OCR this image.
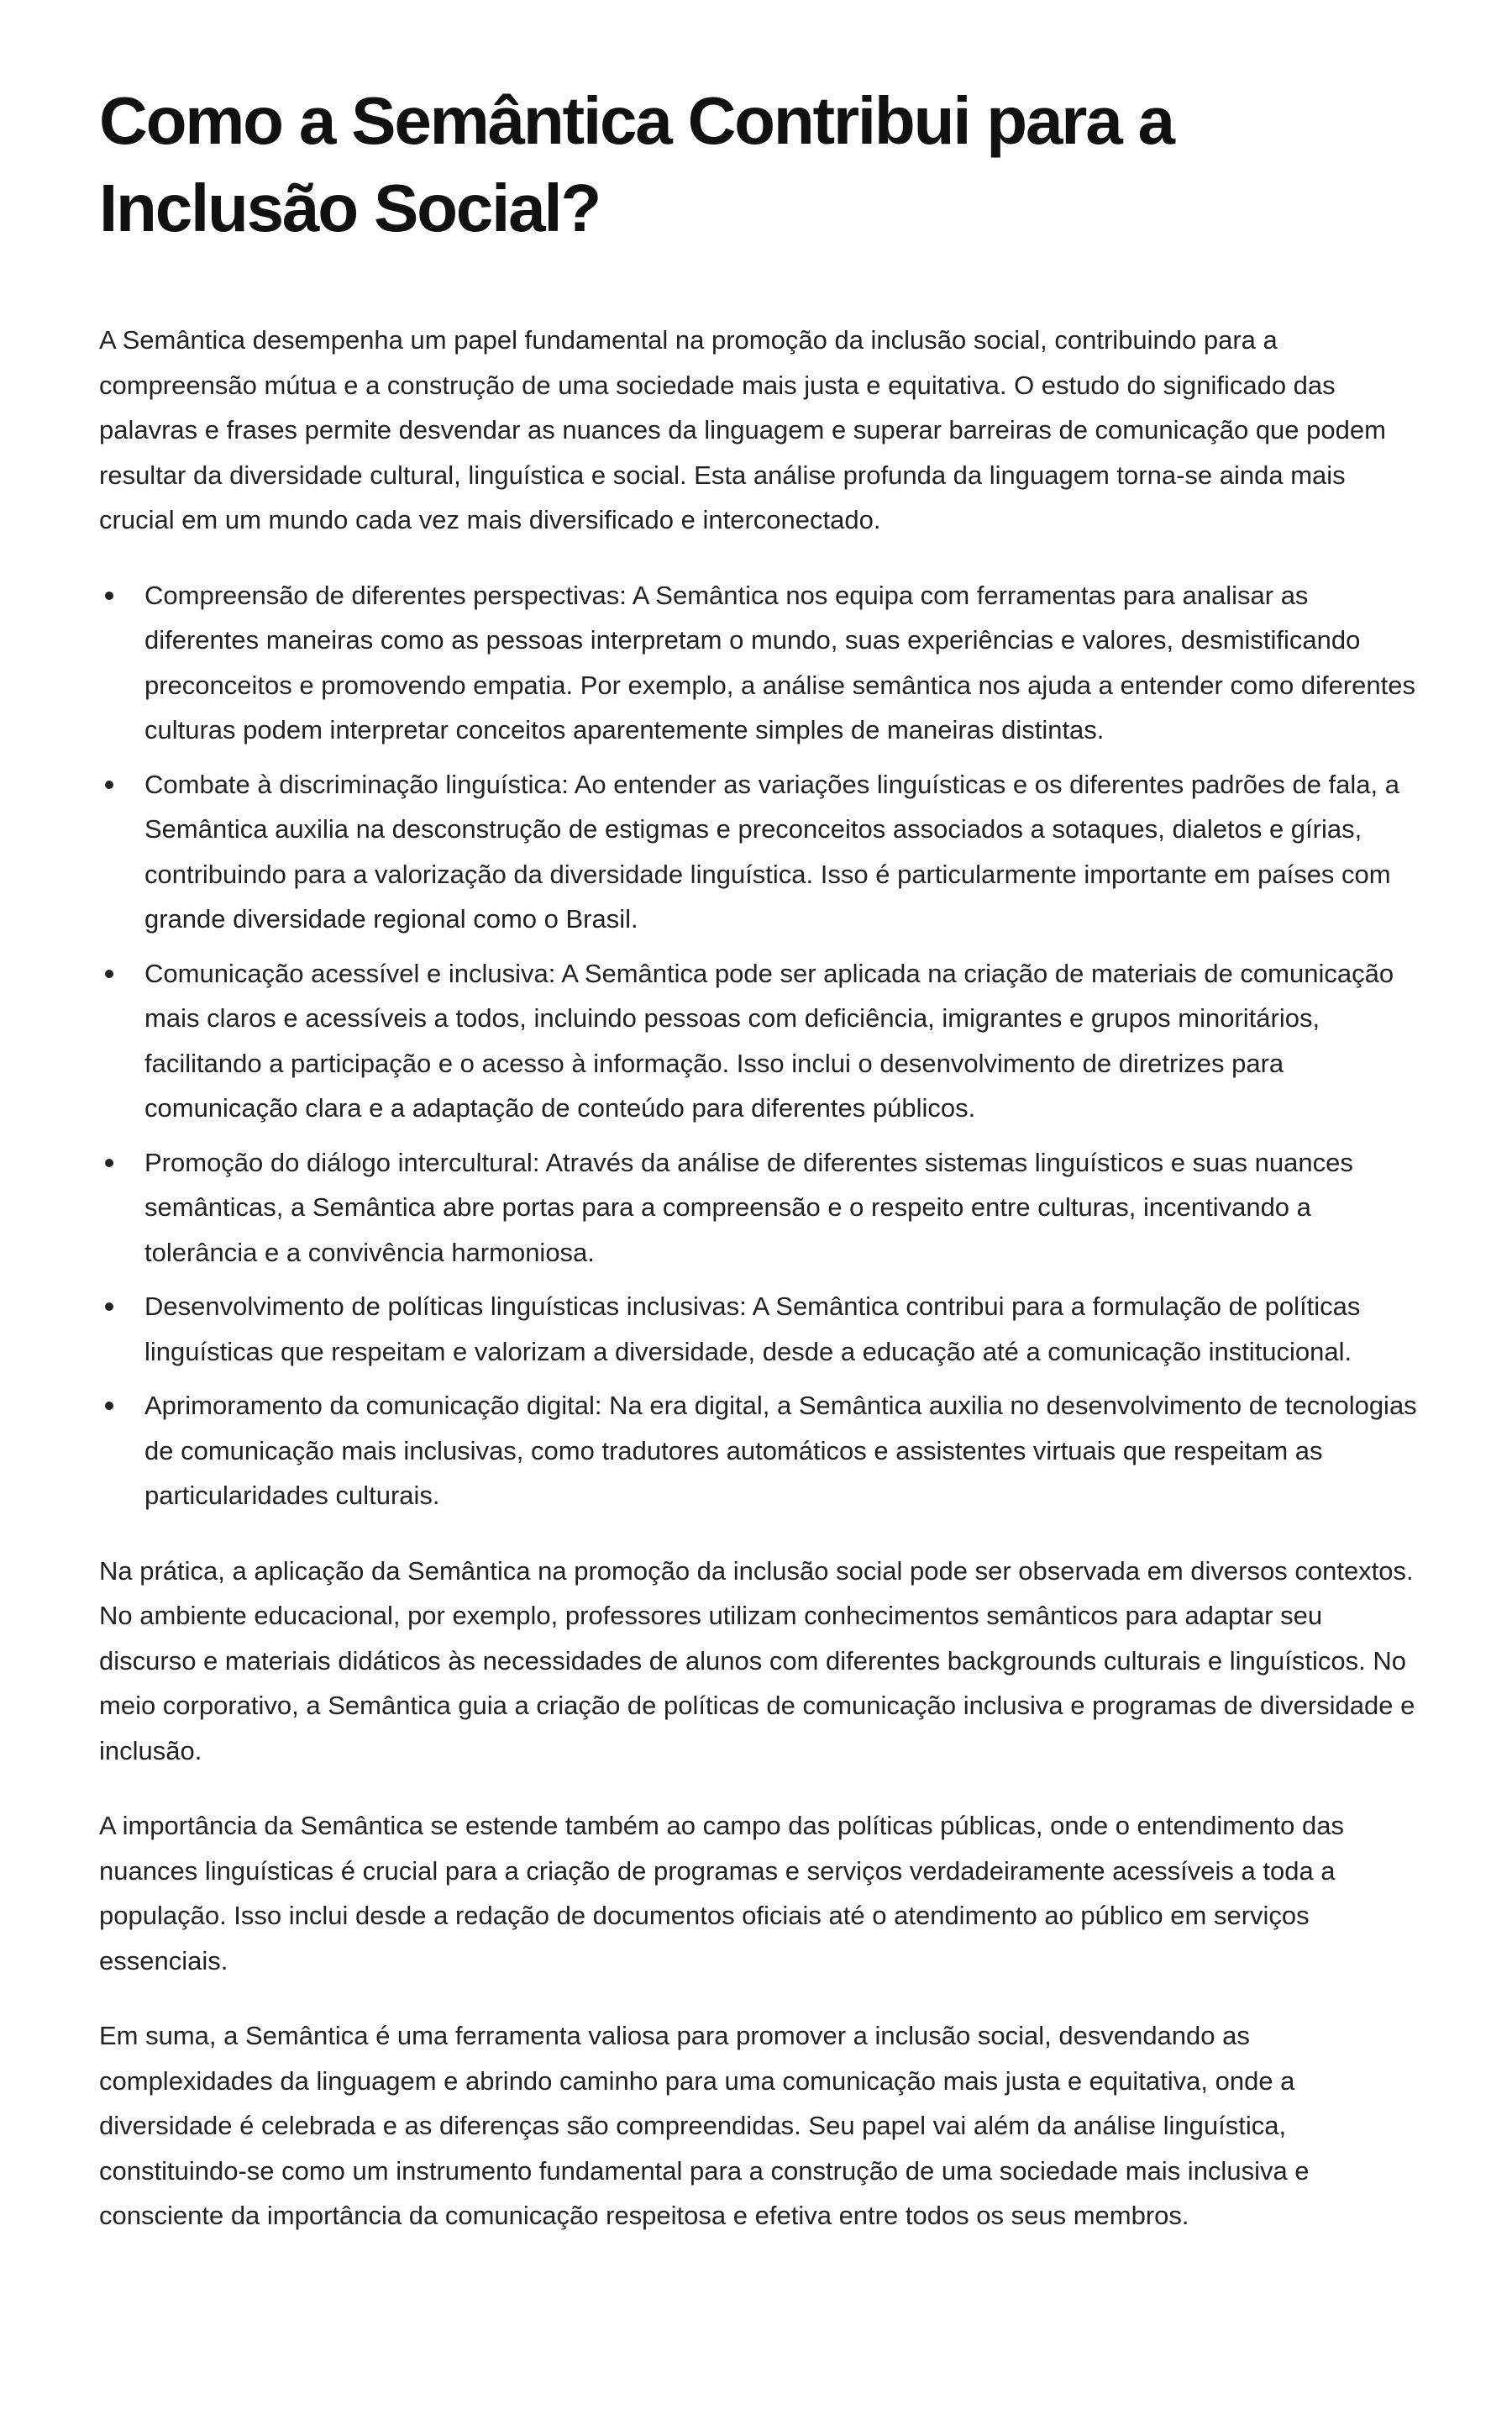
Como a Semântica Contribui para a Inclusão Social?

A Semântica desempenha um papel fundamental na promoção da inclusão social, contribuindo para a compreensão mútua e a construção de uma sociedade mais justa e equitativa. O estudo do significado das palavras e frases permite desvendar as nuances da linguagem e superar barreiras de comunicação que podem resultar da diversidade cultural, linguística e social. Esta análise profunda da linguagem torna-se ainda mais crucial em um mundo cada vez mais diversificado e interconectado.

Compreensão de diferentes perspectivas: A Semântica nos equipa com ferramentas para analisar as diferentes maneiras como as pessoas interpretam o mundo, suas experiências e valores, desmistificando preconceitos e promovendo empatia. Por exemplo, a análise semântica nos ajuda a entender como diferentes culturas podem interpretar conceitos aparentemente simples de maneiras distintas.
Combate à discriminação linguística: Ao entender as variações linguísticas e os diferentes padrões de fala, a Semântica auxilia na desconstrução de estigmas e preconceitos associados a sotaques, dialetos e gírias, contribuindo para a valorização da diversidade linguística. Isso é particularmente importante em países com grande diversidade regional como o Brasil.
Comunicação acessível e inclusiva: A Semântica pode ser aplicada na criação de materiais de comunicação mais claros e acessíveis a todos, incluindo pessoas com deficiência, imigrantes e grupos minoritários, facilitando a participação e o acesso à informação. Isso inclui o desenvolvimento de diretrizes para comunicação clara e a adaptação de conteúdo para diferentes públicos.
Promoção do diálogo intercultural: Através da análise de diferentes sistemas linguísticos e suas nuances semânticas, a Semântica abre portas para a compreensão e o respeito entre culturas, incentivando a tolerância e a convivência harmoniosa.
Desenvolvimento de políticas linguísticas inclusivas: A Semântica contribui para a formulação de políticas linguísticas que respeitam e valorizam a diversidade, desde a educação até a comunicação institucional.
Aprimoramento da comunicação digital: Na era digital, a Semântica auxilia no desenvolvimento de tecnologias de comunicação mais inclusivas, como tradutores automáticos e assistentes virtuais que respeitam as particularidades culturais.

Na prática, a aplicação da Semântica na promoção da inclusão social pode ser observada em diversos contextos. No ambiente educacional, por exemplo, professores utilizam conhecimentos semânticos para adaptar seu discurso e materiais didáticos às necessidades de alunos com diferentes backgrounds culturais e linguísticos. No meio corporativo, a Semântica guia a criação de políticas de comunicação inclusiva e programas de diversidade e inclusão.

A importância da Semântica se estende também ao campo das políticas públicas, onde o entendimento das nuances linguísticas é crucial para a criação de programas e serviços verdadeiramente acessíveis a toda a população. Isso inclui desde a redação de documentos oficiais até o atendimento ao público em serviços essenciais.

Em suma, a Semântica é uma ferramenta valiosa para promover a inclusão social, desvendando as complexidades da linguagem e abrindo caminho para uma comunicação mais justa e equitativa, onde a diversidade é celebrada e as diferenças são compreendidas. Seu papel vai além da análise linguística, constituindo-se como um instrumento fundamental para a construção de uma sociedade mais inclusiva e consciente da importância da comunicação respeitosa e efetiva entre todos os seus membros.
